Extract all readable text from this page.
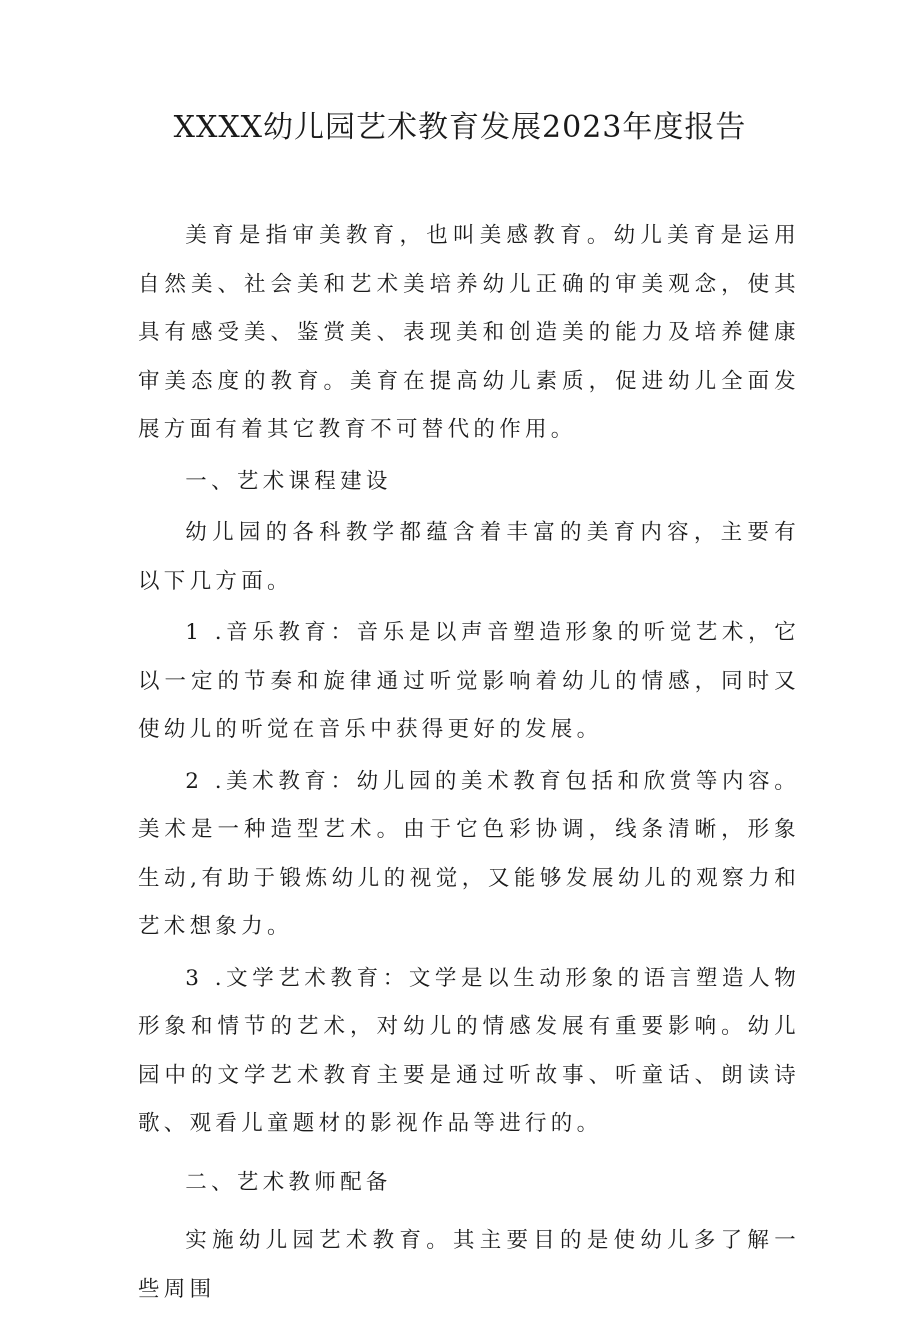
XXXX幼儿园艺术教育发展2023年度报告

美育是指审美教育，也叫美感教育。幼儿美育是运用自然美、社会美和艺术美培养幼儿正确的审美观念，使其具有感受美、鉴赏美、表现美和创造美的能力及培养健康审美态度的教育。美育在提高幼儿素质，促进幼儿全面发展方面有着其它教育不可替代的作用。

一、艺术课程建设

幼儿园的各科教学都蕴含着丰富的美育内容，主要有以下几方面。

1 .音乐教育：音乐是以声音塑造形象的听觉艺术，它以一定的节奏和旋律通过听觉影响着幼儿的情感，同时又使幼儿的听觉在音乐中获得更好的发展。

2 .美术教育：幼儿园的美术教育包括和欣赏等内容。美术是一种造型艺术。由于它色彩协调，线条清晰，形象生动,有助于锻炼幼儿的视觉，又能够发展幼儿的观察力和艺术想象力。

3 .文学艺术教育：文学是以生动形象的语言塑造人物形象和情节的艺术，对幼儿的情感发展有重要影响。幼儿园中的文学艺术教育主要是通过听故事、听童话、朗读诗歌、观看儿童题材的影视作品等进行的。

二、艺术教师配备

实施幼儿园艺术教育。其主要目的是使幼儿多了解一些周围
